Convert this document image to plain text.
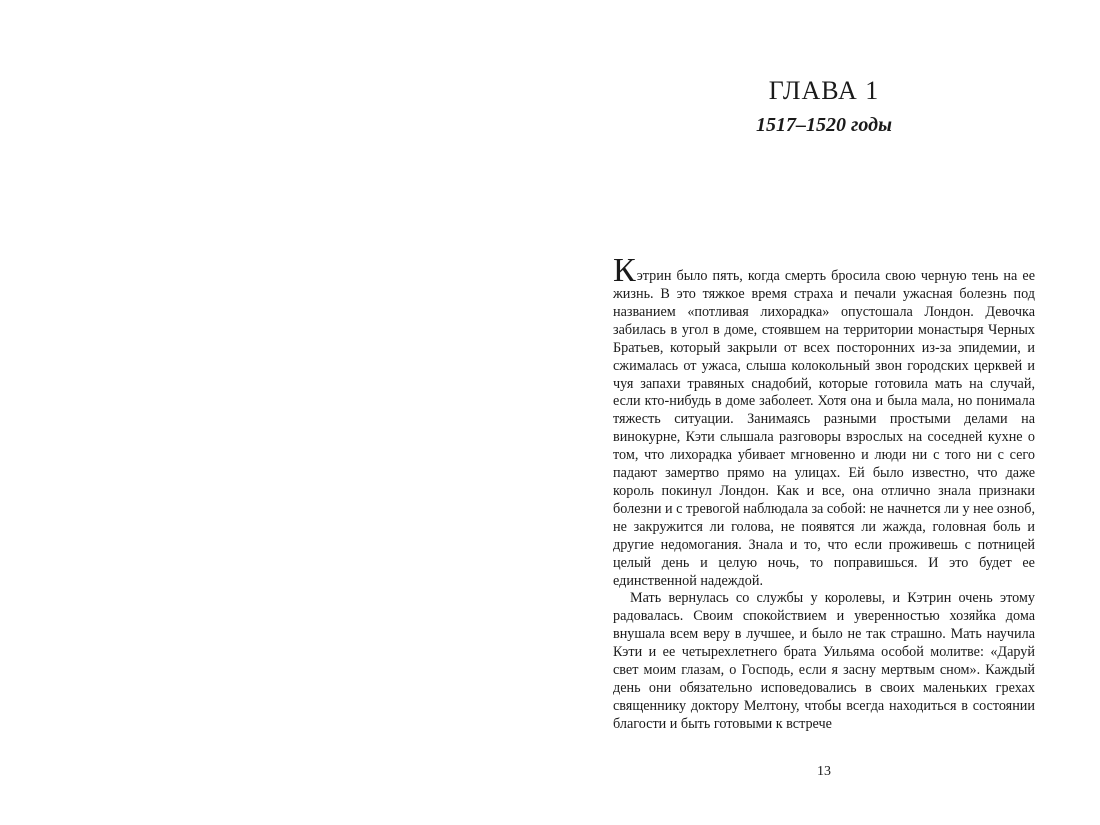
ГЛАВА 1
1517–1520 годы

Кэтрин было пять, когда смерть бросила свою черную тень на ее жизнь. В это тяжкое время страха и печали ужасная болезнь под названием «потливая лихорадка» опустошала Лондон. Девочка забилась в угол в доме, стоявшем на территории монастыря Черных Братьев, который закрыли от всех посторонних из-за эпидемии, и сжималась от ужаса, слыша колокольный звон городских церквей и чуя запахи травяных снадобий, которые готовила мать на случай, если кто-нибудь в доме заболеет. Хотя она и была мала, но понимала тяжесть ситуации. Занимаясь разными простыми делами на винокурне, Кэти слышала разговоры взрослых на соседней кухне о том, что лихорадка убивает мгновенно и люди ни с того ни с сего падают замертво прямо на улицах. Ей было известно, что даже король покинул Лондон. Как и все, она отлично знала признаки болезни и с тревогой наблюдала за собой: не начнется ли у нее озноб, не закружится ли голова, не появятся ли жажда, головная боль и другие недомогания. Знала и то, что если проживешь с потницей целый день и целую ночь, то поправишься. И это будет ее единственной надеждой.

Мать вернулась со службы у королевы, и Кэтрин очень этому радовалась. Своим спокойствием и уверенностью хозяйка дома внушала всем веру в лучшее, и было не так страшно. Мать научила Кэти и ее четырехлетнего брата Уильяма особой молитве: «Даруй свет моим глазам, о Господь, если я засну мертвым сном». Каждый день они обязательно исповедовались в своих маленьких грехах священнику доктору Мелтону, чтобы всегда находиться в состоянии благости и быть готовыми к встрече

13
